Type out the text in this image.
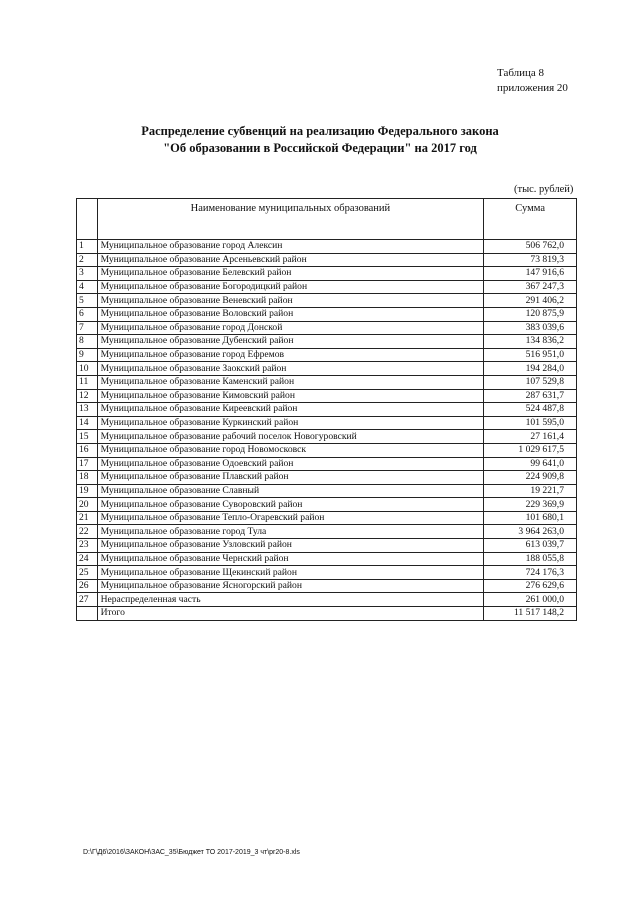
Таблица 8
приложения 20
Распределение субвенций на реализацию Федерального закона
"Об образовании в Российской Федерации" на 2017 год
(тыс. рублей)
	Наименование муниципальных образований	Сумма
1	Муниципальное образование город Алексин	506 762,0
2	Муниципальное образование Арсеньевский район	73 819,3
3	Муниципальное образование Белевский район	147 916,6
4	Муниципальное образование Богородицкий район	367 247,3
5	Муниципальное образование Веневский район	291 406,2
6	Муниципальное образование Воловский район	120 875,9
7	Муниципальное образование город Донской	383 039,6
8	Муниципальное образование Дубенский район	134 836,2
9	Муниципальное образование город Ефремов	516 951,0
10	Муниципальное образование Заокский район	194 284,0
11	Муниципальное образование Каменский район	107 529,8
12	Муниципальное образование Кимовский район	287 631,7
13	Муниципальное образование Киреевский район	524 487,8
14	Муниципальное образование Куркинский район	101 595,0
15	Муниципальное образование рабочий поселок Новогуровский	27 161,4
16	Муниципальное образование город Новомосковск	1 029 617,5
17	Муниципальное образование Одоевский район	99 641,0
18	Муниципальное образование Плавский район	224 909,8
19	Муниципальное образование Славный	19 221,7
20	Муниципальное образование Суворовский район	229 369,9
21	Муниципальное образование Тепло-Огаревский район	101 680,1
22	Муниципальное образование город Тула	3 964 263,0
23	Муниципальное образование Узловский район	613 039,7
24	Муниципальное образование Чернский район	188 055,8
25	Муниципальное образование Щекинский район	724 176,3
26	Муниципальное образование Ясногорский район	276 629,6
27	Нераспределенная часть	261 000,0
	Итого	11 517 148,2
D:\Г\Д6\2016\ЗАКОН\ЗАС_35\Бюджет ТО 2017-2019_3 чт\pr20-8.xls
